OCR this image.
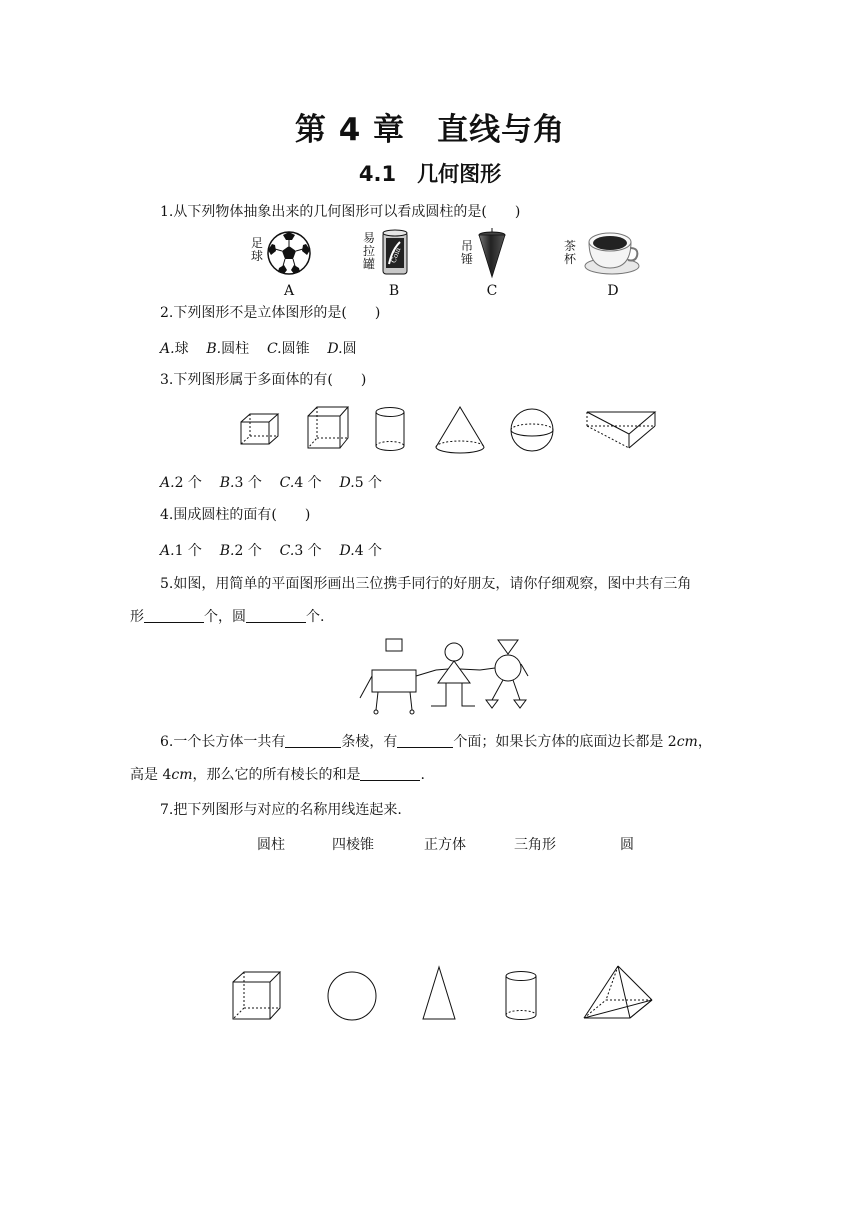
第 4 章　直线与角
4.1　几何图形
1.从下列物体抽象出来的几何图形可以看成圆柱的是(　　)
足球
A
易拉罐 Cola
B
吊锤
C
茶杯
D
2.下列图形不是立体图形的是(　　)
A.球 B.圆柱 C.圆锥 D.圆
3.下列图形属于多面体的有(　　)
A.2 个 B.3 个 C.4 个 D.5 个
4.围成圆柱的面有(　　)
A.1 个 B.2 个 C.3 个 D.4 个
5.如图，用简单的平面图形画出三位携手同行的好朋友，请你仔细观察，图中共有三角
形	个，圆	个.
6.一个长方体一共有	条棱，有	个面；如果长方体的底面边长都是 2cm，
高是 4cm，那么它的所有棱长的和是	.
7.把下列图形与对应的名称用线连起来.
圆柱	四棱锥	正方体	三角形	圆
